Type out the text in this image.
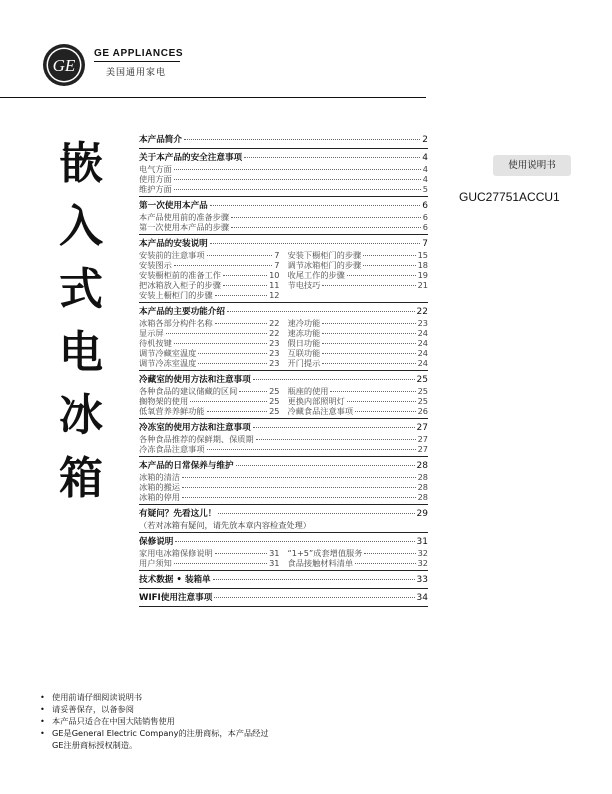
GE
GE APPLIANCES
美国通用家电
嵌
入
式
电
冰
箱
本产品简介	2
关于本产品的安全注意事项	4
电气方面	4
使用方面	4
维护方面	5
第一次使用本产品	6
本产品使用前的准备步骤	6
第一次使用本产品的步骤	6
本产品的安装说明	7
安装前的注意事项	7
安装图示	7
安装橱柜前的准备工作	10
把冰箱放入柜子的步骤	11
安装上橱柜门的步骤	12
安装下橱柜门的步骤	15
调节冰箱柜门的步骤	18
收尾工作的步骤	19
节电技巧	21
本产品的主要功能介绍	22
冰箱各部分构件名称	22
显示屏	22
待机按键	23
调节冷藏室温度	23
调节冷冻室温度	23
速冷功能	23
速冻功能	24
假日功能	24
互联功能	24
开门提示	24
冷藏室的使用方法和注意事项	25
各种食品的建议储藏的区间	25
搁物架的使用	25
低氧营养养鲜功能	25
瓶座的使用	25
更换内部照明灯	25
冷藏食品注意事项	26
冷冻室的使用方法和注意事项	27
各种食品推荐的保鲜期、保质期	27
冷冻食品注意事项	27
本产品的日常保养与维护	28
冰箱的清洁	28
冰箱的搬运	28
冰箱的停用	28
有疑问？先看这儿！	29
（若对冰箱有疑问，请先放本章内容检查处理）
保修说明	31
家用电冰箱保修说明	31
用户须知	31
“1+5”成套增值服务	32
食品接触材料清单	32
技术数据 • 装箱单	33
WIFI使用注意事项	34
使用说明书
GUC27751ACCU1
• 使用前请仔细阅读说明书
• 请妥善保存，以备参阅
• 本产品只适合在中国大陆销售使用
• GE是General Electric Company的注册商标，本产品经过GE注册商标授权制造。
